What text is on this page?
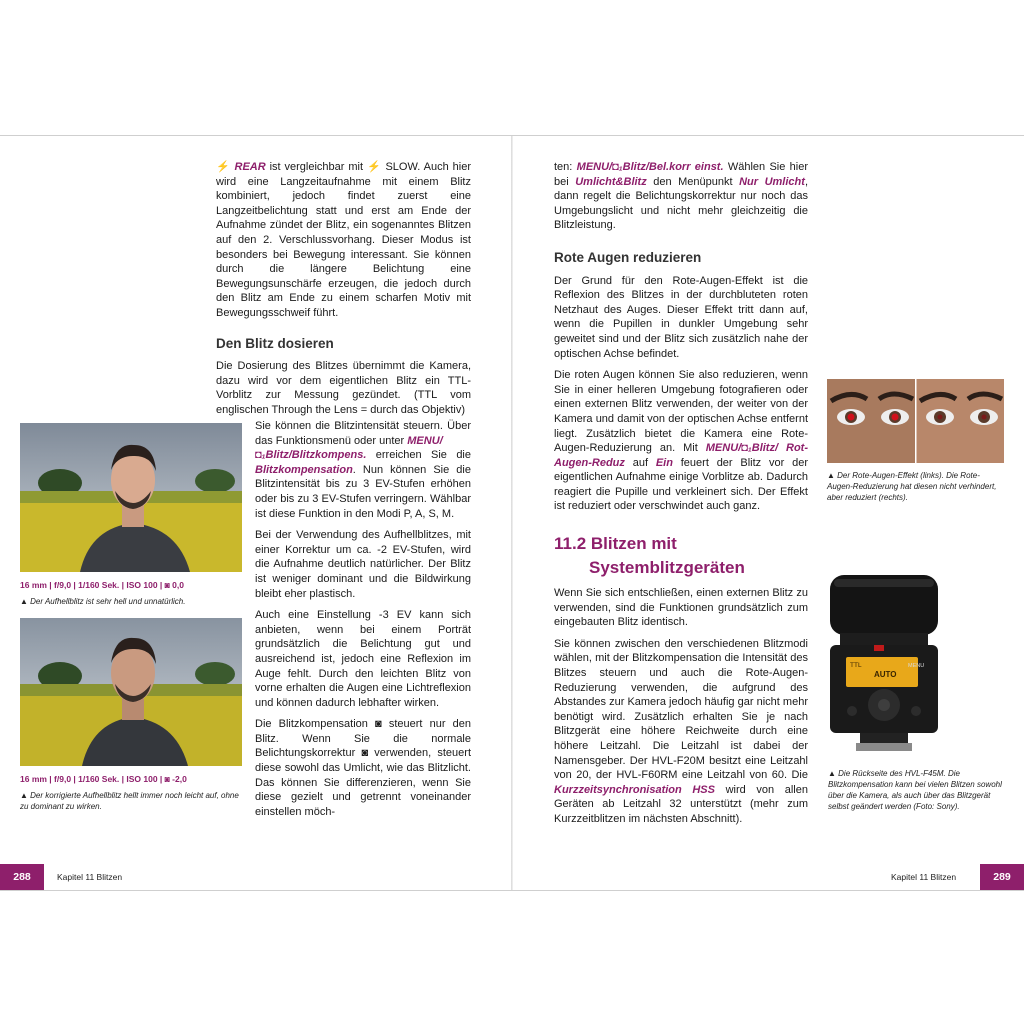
⚡ REAR ist vergleichbar mit ⚡ SLOW. Auch hier wird eine Langzeitaufnahme mit einem Blitz kombiniert, jedoch findet zuerst eine Langzeitbelichtung statt und erst am Ende der Aufnahme zündet der Blitz, ein sogenanntes Blitzen auf den 2. Verschlussvorhang. Dieser Modus ist besonders bei Bewegung interessant. Sie können durch die längere Belichtung eine Bewegungsunschärfe erzeugen, die jedoch durch den Blitz am Ende zu einem scharfen Motiv mit Bewegungsschweif führt.

Den Blitz dosieren

Die Dosierung des Blitzes übernimmt die Kamera, dazu wird vor dem eigentlichen Blitz ein TTL-Vorblitz zur Messung gezündet. (TTL vom englischen Through the Lens = durch das Objektiv)

Sie können die Blitzintensität steuern. Über das Funktionsmenü oder unter MENU/
◘₁Blitz/Blitzkompens. erreichen Sie die Blitzkompensation. Nun können Sie die Blitzintensität bis zu 3 EV-Stufen erhöhen oder bis zu 3 EV-Stufen verringern. Wählbar ist diese Funktion in den Modi P, A, S, M.

Bei der Verwendung des Aufhellblitzes, mit einer Korrektur um ca. -2 EV-Stufen, wird die Aufnahme deutlich natürlicher. Der Blitz ist weniger dominant und die Bildwirkung bleibt eher plastisch.

Auch eine Einstellung -3 EV kann sich anbieten, wenn bei einem Porträt grundsätzlich die Belichtung gut und ausreichend ist, jedoch eine Reflexion im Auge fehlt. Durch den leichten Blitz von vorne erhalten die Augen eine Lichtreflexion und können dadurch lebhafter wirken.

Die Blitzkompensation ◙ steuert nur den Blitz. Wenn Sie die normale Belichtungskorrektur ◙ verwenden, steuert diese sowohl das Umlicht, wie das Blitzlicht. Das können Sie differenzieren, wenn Sie diese gezielt und getrennt voneinander einstellen möch-

16 mm | f/9,0 | 1/160 Sek. | ISO 100 | ◙ 0,0
▲ Der Aufhellblitz ist sehr hell und unnatürlich.
16 mm | f/9,0 | 1/160 Sek. | ISO 100 | ◙ -2,0
▲ Der korrigierte Aufhellblitz hellt immer noch leicht auf, ohne zu dominant zu wirken.
288	Kapitel 11 Blitzen

ten: MENU/◘₁Blitz/Bel.korr einst. Wählen Sie hier bei Umlicht&Blitz den Menüpunkt Nur Umlicht, dann regelt die Belichtungskorrektur nur noch das Umgebungslicht und nicht mehr gleichzeitig die Blitzleistung.

Rote Augen reduzieren

Der Grund für den Rote-Augen-Effekt ist die Reflexion des Blitzes in der durchbluteten roten Netzhaut des Auges. Dieser Effekt tritt dann auf, wenn die Pupillen in dunkler Umgebung sehr geweitet sind und der Blitz sich zusätzlich nahe der optischen Achse befindet.

Die roten Augen können Sie also reduzieren, wenn Sie in einer helleren Umgebung fotografieren oder einen externen Blitz verwenden, der weiter von der Kamera und damit von der optischen Achse entfernt liegt. Zusätzlich bietet die Kamera eine Rote-Augen-Reduzierung an. Mit MENU/◘₁Blitz/ Rot-Augen-Reduz auf Ein feuert der Blitz vor der eigentlichen Aufnahme einige Vorblitze ab. Dadurch reagiert die Pupille und verkleinert sich. Der Effekt ist reduziert oder verschwindet auch ganz.

11.2 Blitzen mit
Systemblitzgeräten

Wenn Sie sich entschließen, einen externen Blitz zu verwenden, sind die Funktionen grundsätzlich zum eingebauten Blitz identisch.

Sie können zwischen den verschiedenen Blitzmodi wählen, mit der Blitzkompensation die Intensität des Blitzes steuern und auch die Rote-Augen-Reduzierung verwenden, die aufgrund des Abstandes zur Kamera jedoch häufig gar nicht mehr benötigt wird. Zusätzlich erhalten Sie je nach Blitzgerät eine höhere Reichweite durch eine höhere Leitzahl. Die Leitzahl ist dabei der Namensgeber. Der HVL-F20M besitzt eine Leitzahl von 20, der HVL-F60RM eine Leitzahl von 60. Die Kurzzeitsynchronisation HSS wird von allen Geräten ab Leitzahl 32 unterstützt (mehr zum Kurzzeitblitzen im nächsten Abschnitt).

▲ Der Rote-Augen-Effekt (links). Die Rote-Augen-Reduzierung hat diesen nicht verhindert, aber reduziert (rechts).
TTL
AUTO
MENU
▲ Die Rückseite des HVL-F45M. Die Blitzkompensation kann bei vielen Blitzen sowohl über die Kamera, als auch über das Blitzgerät selbst geändert werden (Foto: Sony).
Kapitel 11 Blitzen	289
